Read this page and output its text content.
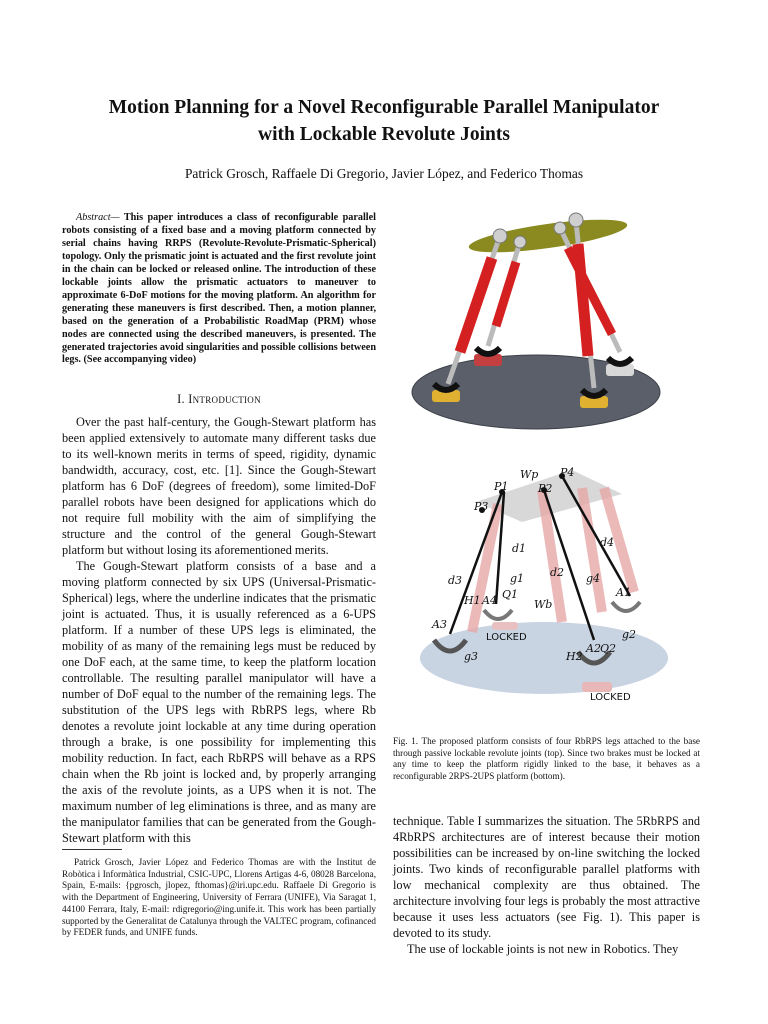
Motion Planning for a Novel Reconfigurable Parallel Manipulator
with Lockable Revolute Joints

Patrick Grosch, Raffaele Di Gregorio, Javier López, and Federico Thomas

Abstract— This paper introduces a class of reconfigurable parallel robots consisting of a fixed base and a moving platform connected by serial chains having RRPS (Revolute-Revolute-Prismatic-Spherical) topology. Only the prismatic joint is actuated and the first revolute joint in the chain can be locked or released online. The introduction of these lockable joints allow the prismatic actuators to maneuver to approximate 6-DoF motions for the moving platform. An algorithm for generating these maneuvers is first described. Then, a motion planner, based on the generation of a Probabilistic RoadMap (PRM) whose nodes are connected using the described maneuvers, is presented. The generated trajectories avoid singularities and possible collisions between legs. (See accompanying video)

I. Introduction

Over the past half-century, the Gough-Stewart platform has been applied extensively to automate many different tasks due to its well-known merits in terms of speed, rigidity, dynamic bandwidth, accuracy, cost, etc. [1]. Since the Gough-Stewart platform has 6 DoF (degrees of freedom), some limited-DoF parallel robots have been designed for applications which do not require full mobility with the aim of simplifying the structure and the control of the general Gough-Stewart platform but without losing its aforementioned merits.

The Gough-Stewart platform consists of a base and a moving platform connected by six UPS (Universal-Prismatic-Spherical) legs, where the underline indicates that the prismatic joint is actuated. Thus, it is usually referenced as a 6-UPS platform. If a number of these UPS legs is eliminated, the mobility of as many of the remaining legs must be reduced by one DoF each, at the same time, to keep the platform location controllable. The resulting parallel manipulator will have a number of DoF equal to the number of the remaining legs. The substitution of the UPS legs with RbRPS legs, where Rb denotes a revolute joint lockable at any time during operation through a brake, is one possibility for implementing this mobility reduction. In fact, each RbRPS will behave as a RPS chain when the Rb joint is locked and, by properly arranging the axis of the revolute joints, as a UPS when it is not. The maximum number of leg eliminations is three, and as many are the manipulator families that can be generated from the Gough-Stewart platform with this

Patrick Grosch, Javier López and Federico Thomas are with the Institut de Robòtica i Informàtica Industrial, CSIC-UPC, Llorens Artigas 4-6, 08028 Barcelona, Spain, E-mails: {pgrosch, jlopez, fthomas}@iri.upc.edu. Raffaele Di Gregorio is with the Department of Engineering, University of Ferrara (UNIFE), Via Saragat 1, 44100 Ferrara, Italy, E-mail: rdigregorio@ing.unife.it. This work has been partially supported by the Generalitat de Catalunya through the VALTEC program, cofinanced by FEDER funds, and UNIFE funds.

Wp P4
P1	P2
P3
d1	d4
d3
d2
g1	g4
A1
Q1
A4
H1	Wb
A3
LOCKED	g2
A2 Q2
g3	H2
LOCKED

Fig. 1. The proposed platform consists of four RbRPS legs attached to the base through passive lockable revolute joints (top). Since two brakes must be locked at any time to keep the platform rigidly linked to the base, it behaves as a reconfigurable 2RPS-2UPS platform (bottom).

technique. Table I summarizes the situation. The 5RbRPS and 4RbRPS architectures are of interest because their motion possibilities can be increased by on-line switching the locked joints. Two kinds of reconfigurable parallel platforms with low mechanical complexity are thus obtained. The architecture involving four legs is probably the most attractive because it uses less actuators (see Fig. 1). This paper is devoted to its study.

The use of lockable joints is not new in Robotics. They
